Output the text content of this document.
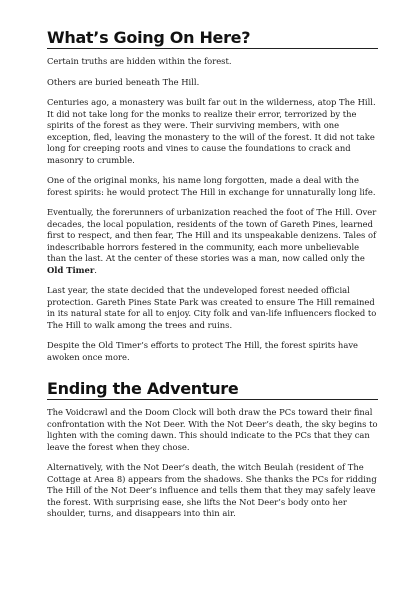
What’s Going On Here?

Certain truths are hidden within the forest.

Others are buried beneath The Hill.

Centuries ago, a monastery was built far out in the wilderness, atop The Hill. It did not take long for the monks to realize their error, terrorized by the spirits of the forest as they were. Their surviving members, with one exception, fled, leaving the monastery to the will of the forest. It did not take long for creeping roots and vines to cause the foundations to crack and masonry to crumble.

One of the original monks, his name long forgotten, made a deal with the forest spirits: he would protect The Hill in exchange for unnaturally long life.

Eventually, the forerunners of urbanization reached the foot of The Hill. Over decades, the local population, residents of the town of Gareth Pines, learned first to respect, and then fear, The Hill and its unspeakable denizens. Tales of indescribable horrors festered in the community, each more unbelievable than the last. At the center of these stories was a man, now called only the Old Timer.

Last year, the state decided that the undeveloped forest needed official protection. Gareth Pines State Park was created to ensure The Hill remained in its natural state for all to enjoy. City folk and van-life influencers flocked to The Hill to walk among the trees and ruins.

Despite the Old Timer’s efforts to protect The Hill, the forest spirits have awoken once more.

Ending the Adventure

The Voidcrawl and the Doom Clock will both draw the PCs toward their final confrontation with the Not Deer. With the Not Deer’s death, the sky begins to lighten with the coming dawn. This should indicate to the PCs that they can leave the forest when they chose.

Alternatively, with the Not Deer’s death, the witch Beulah (resident of The Cottage at Area 8) appears from the shadows. She thanks the PCs for ridding The Hill of the Not Deer’s influence and tells them that they may safely leave the forest. With surprising ease, she lifts the Not Deer’s body onto her shoulder, turns, and disappears into thin air.
